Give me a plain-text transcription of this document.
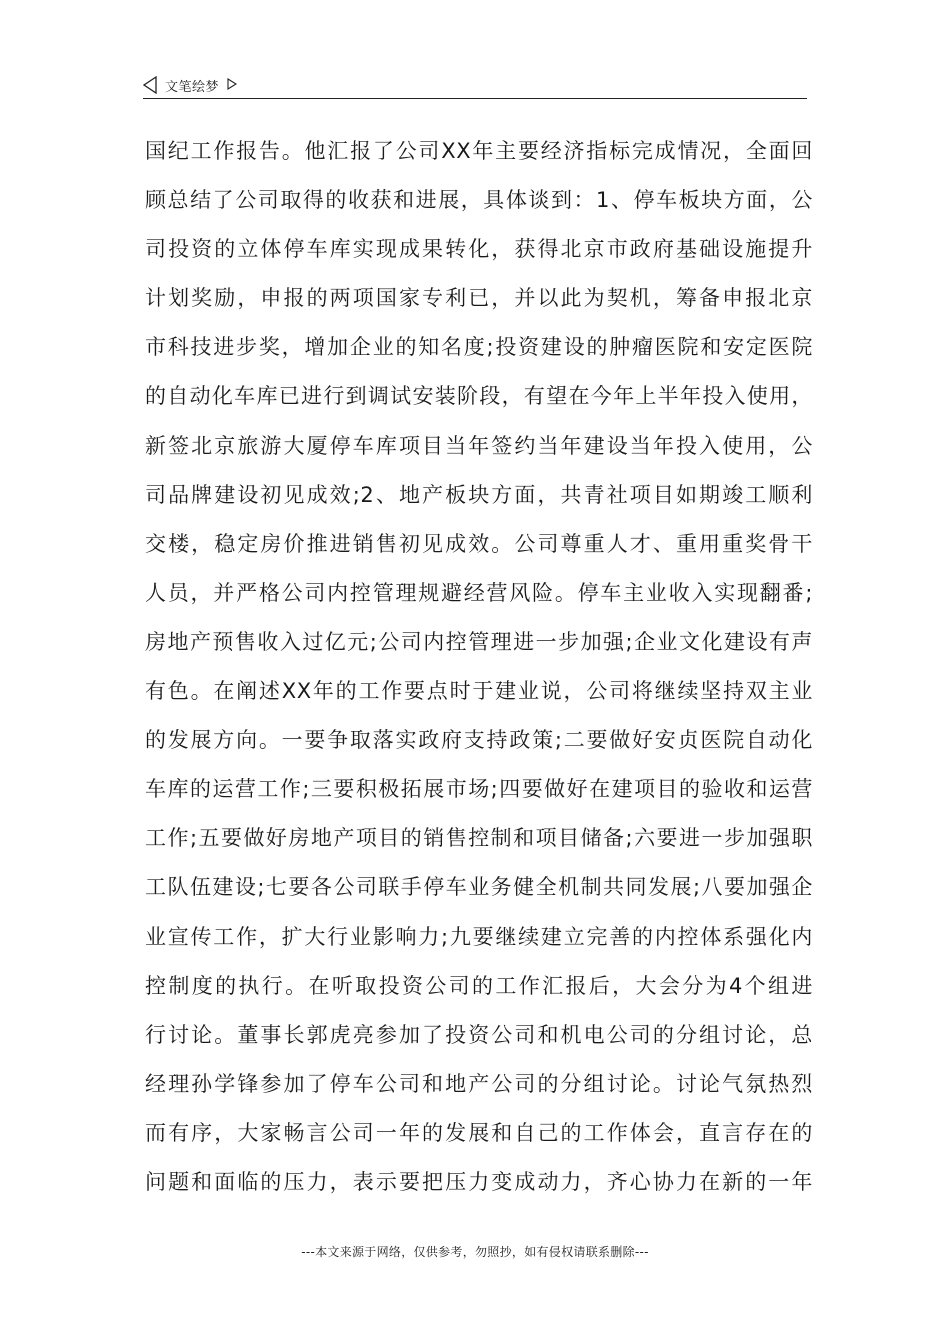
文笔绘梦
国纪工作报告。他汇报了公司XX年主要经济指标完成情况，全面回
顾总结了公司取得的收获和进展，具体谈到：1、停车板块方面，公
司投资的立体停车库实现成果转化，获得北京市政府基础设施提升
计划奖励，申报的两项国家专利已，并以此为契机，筹备申报北京
市科技进步奖，增加企业的知名度;投资建设的肿瘤医院和安定医院
的自动化车库已进行到调试安装阶段，有望在今年上半年投入使用，
新签北京旅游大厦停车库项目当年签约当年建设当年投入使用，公
司品牌建设初见成效;2、地产板块方面，共青社项目如期竣工顺利
交楼，稳定房价推进销售初见成效。公司尊重人才、重用重奖骨干
人员，并严格公司内控管理规避经营风险。停车主业收入实现翻番;
房地产预售收入过亿元;公司内控管理进一步加强;企业文化建设有声
有色。在阐述XX年的工作要点时于建业说，公司将继续坚持双主业
的发展方向。一要争取落实政府支持政策;二要做好安贞医院自动化
车库的运营工作;三要积极拓展市场;四要做好在建项目的验收和运营
工作;五要做好房地产项目的销售控制和项目储备;六要进一步加强职
工队伍建设;七要各公司联手停车业务健全机制共同发展;八要加强企
业宣传工作，扩大行业影响力;九要继续建立完善的内控体系强化内
控制度的执行。在听取投资公司的工作汇报后，大会分为4个组进
行讨论。董事长郭虎亮参加了投资公司和机电公司的分组讨论，总
经理孙学锋参加了停车公司和地产公司的分组讨论。讨论气氛热烈
而有序，大家畅言公司一年的发展和自己的工作体会，直言存在的
问题和面临的压力，表示要把压力变成动力，齐心协力在新的一年
---本文来源于网络，仅供参考，勿照抄，如有侵权请联系删除---
